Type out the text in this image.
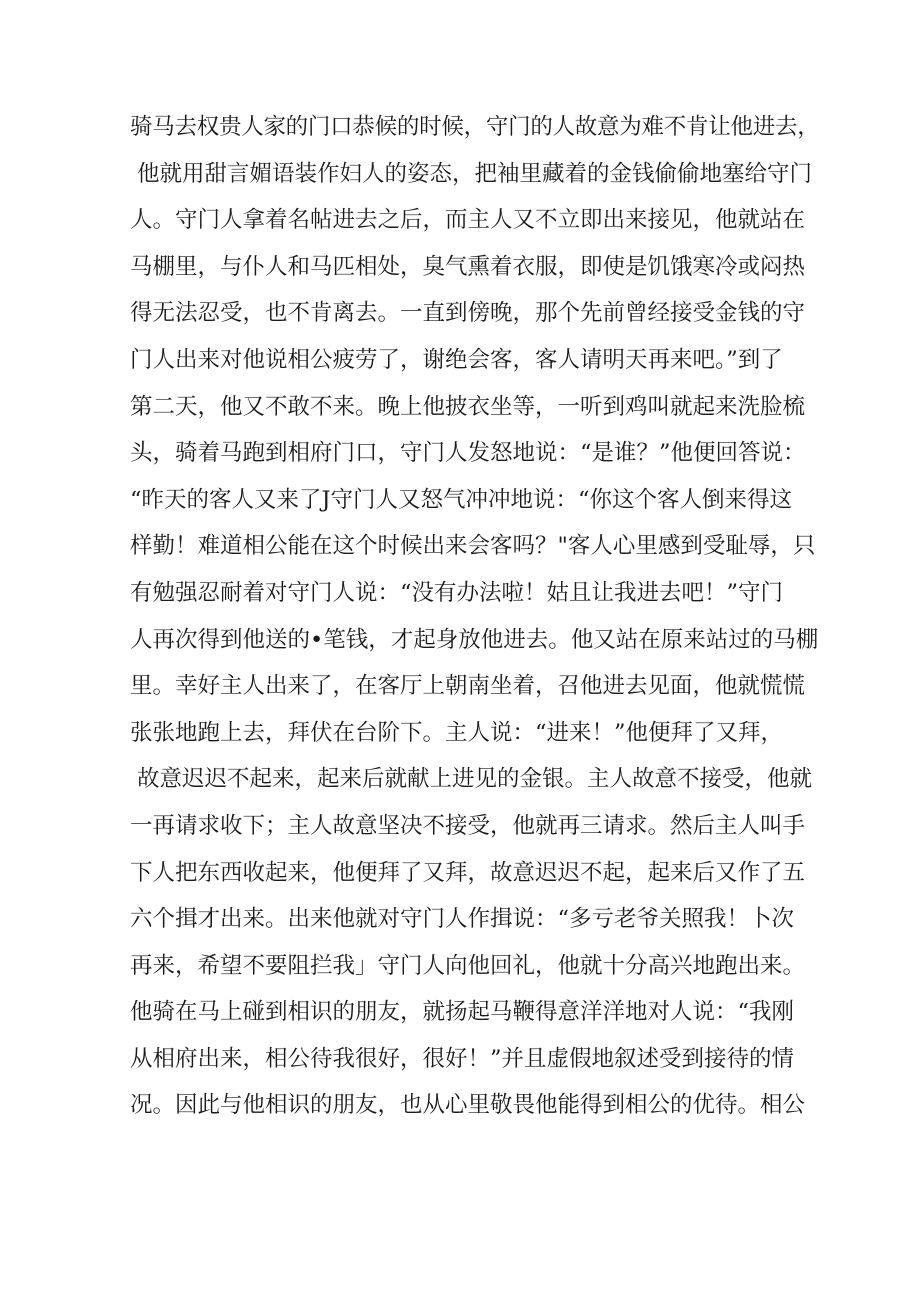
骑马去权贵人家的门口恭候的时候，守门的人故意为难不肯让他进去，
他就用甜言媚语装作妇人的姿态，把袖里藏着的金钱偷偷地塞给守门
人。守门人拿着名帖进去之后，而主人又不立即出来接见，他就站在
马棚里，与仆人和马匹相处，臭气熏着衣服，即使是饥饿寒冷或闷热
得无法忍受，也不肯离去。一直到傍晚，那个先前曾经接受金钱的守
门人出来对他说相公疲劳了，谢绝会客，客人请明天再来吧。”到了
第二天，他又不敢不来。晚上他披衣坐等，一听到鸡叫就起来洗脸梳
头，骑着马跑到相府门口，守门人发怒地说：“是谁？”他便回答说：
“昨天的客人又来了J守门人又怒气冲冲地说：“你这个客人倒来得这
样勤！难道相公能在这个时候出来会客吗？"客人心里感到受耻辱，只
有勉强忍耐着对守门人说：“没有办法啦！姑且让我进去吧！”守门
人再次得到他送的•笔钱，才起身放他进去。他又站在原来站过的马棚
里。幸好主人出来了，在客厅上朝南坐着，召他进去见面，他就慌慌
张张地跑上去，拜伏在台阶下。主人说：“进来！”他便拜了又拜，
故意迟迟不起来，起来后就献上进见的金银。主人故意不接受，他就
一再请求收下；主人故意坚决不接受，他就再三请求。然后主人叫手
下人把东西收起来，他便拜了又拜，故意迟迟不起，起来后又作了五
六个揖才出来。出来他就对守门人作揖说：“多亏老爷关照我！卜次
再来，希望不要阻拦我」守门人向他回礼，他就十分高兴地跑出来。
他骑在马上碰到相识的朋友，就扬起马鞭得意洋洋地对人说：“我刚
从相府出来，相公待我很好，很好！”并且虚假地叙述受到接待的情
况。因此与他相识的朋友，也从心里敬畏他能得到相公的优待。相公
